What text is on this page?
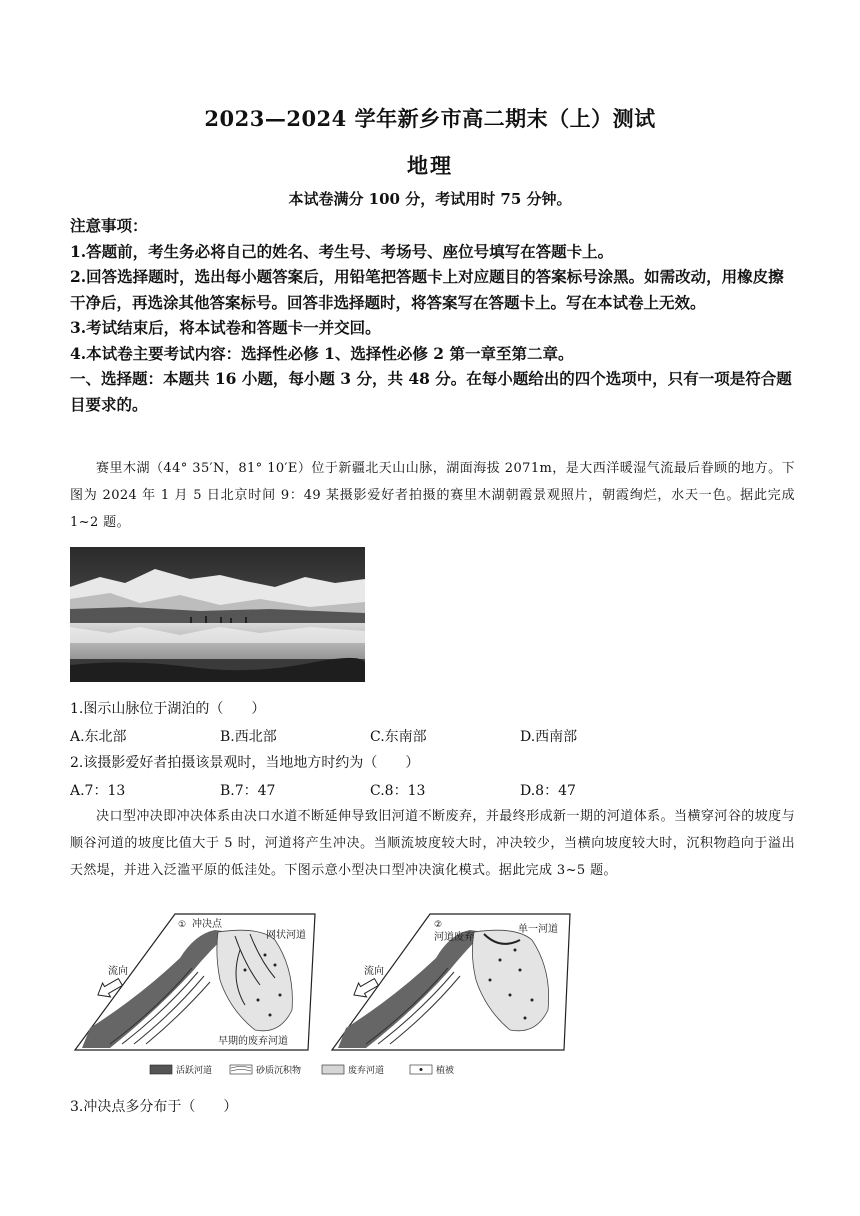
2023—2024 学年新乡市高二期末（上）测试
地理
本试卷满分 100 分，考试用时 75 分钟。

注意事项：

1.答题前，考生务必将自己的姓名、考生号、考场号、座位号填写在答题卡上。

2.回答选择题时，选出每小题答案后，用铅笔把答题卡上对应题目的答案标号涂黑。如需改动，用橡皮擦干净后，再选涂其他答案标号。回答非选择题时，将答案写在答题卡上。写在本试卷上无效。

3.考试结束后，将本试卷和答题卡一并交回。

4.本试卷主要考试内容：选择性必修 1、选择性必修 2 第一章至第二章。

一、选择题：本题共 16 小题，每小题 3 分，共 48 分。在每小题给出的四个选项中，只有一项是符合题目要求的。

赛里木湖（44° 35′N，81° 10′E）位于新疆北天山山脉，湖面海拔 2071m，是大西洋暖湿气流最后眷顾的地方。下图为 2024 年 1 月 5 日北京时间 9：49 某摄影爱好者拍摄的赛里木湖朝霞景观照片，朝霞绚烂，水天一色。据此完成 1~2 题。

1.图示山脉位于湖泊的（　　）
A.东北部	B.西北部	C.东南部	D.西南部
2.该摄影爱好者拍摄该景观时，当地地方时约为（　　）
A.7：13	B.7：47	C.8：13	D.8：47

决口型冲决即冲决体系由决口水道不断延伸导致旧河道不断废弃，并最终形成新一期的河道体系。当横穿河谷的坡度与顺谷河道的坡度比值大于 5 时，河道将产生冲决。当顺流坡度较大时，冲决较少，当横向坡度较大时，沉积物趋向于溢出天然堤，并进入泛滥平原的低洼处。下图示意小型决口型冲决演化模式。据此完成 3~5 题。

① 冲决点
网状河道
流向
早期的废弃河道
②
河道废弃
单一河道
流向
活跃河道	砂质沉积物	废弃河道	植被
3.冲决点多分布于（　　）
